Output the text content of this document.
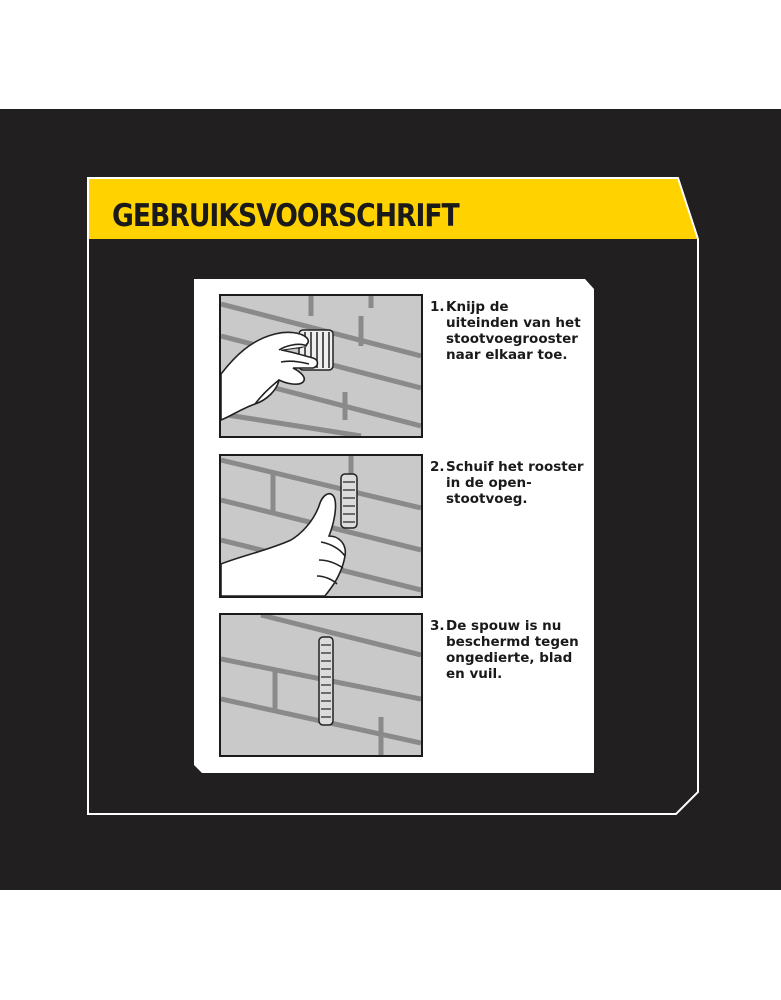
GEBRUIKSVOORSCHRIFT
1. Knijp de
uiteinden van het
stootvoegrooster
naar elkaar toe.
2. Schuif het rooster
in de open-
stootvoeg.
3. De spouw is nu
beschermd tegen
ongedierte, blad
en vuil.
